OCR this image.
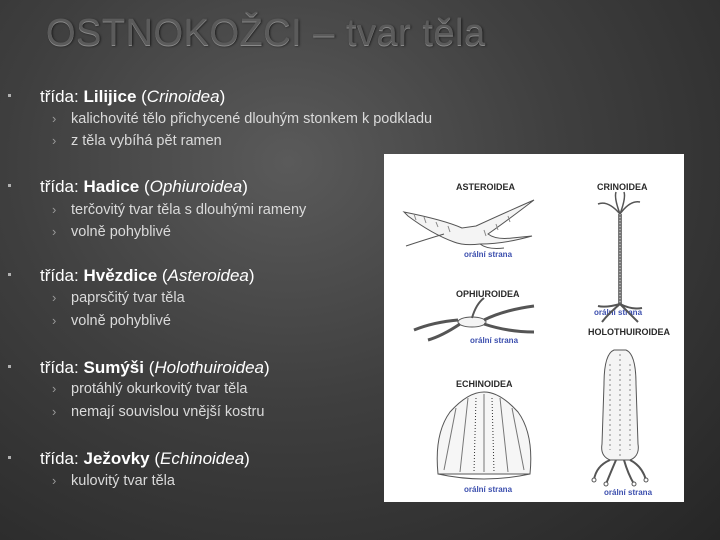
OSTNOKOŽCI – tvar těla
třída: Lilijice (Crinoidea)
› kalichovité tělo přichycené dlouhým stonkem k podkladu
› z těla vybíhá pět ramen
třída: Hadice (Ophiuroidea)
› terčovitý tvar těla s dlouhými rameny
› volně pohyblivé
třída: Hvězdice (Asteroidea)
› paprsčitý tvar těla
› volně pohyblivé
třída: Sumýši (Holothuiroidea)
› protáhlý okurkovitý tvar těla
› nemají souvislou vnější kostru
třída: Ježovky (Echinoidea)
› kulovitý tvar těla
ASTEROIDEA	CRINOIDEA
orální strana
OPHIUROIDEA
orální strana
HOLOTHUIROIDEA
orální strana
ECHINOIDEA
orální strana	orální strana
